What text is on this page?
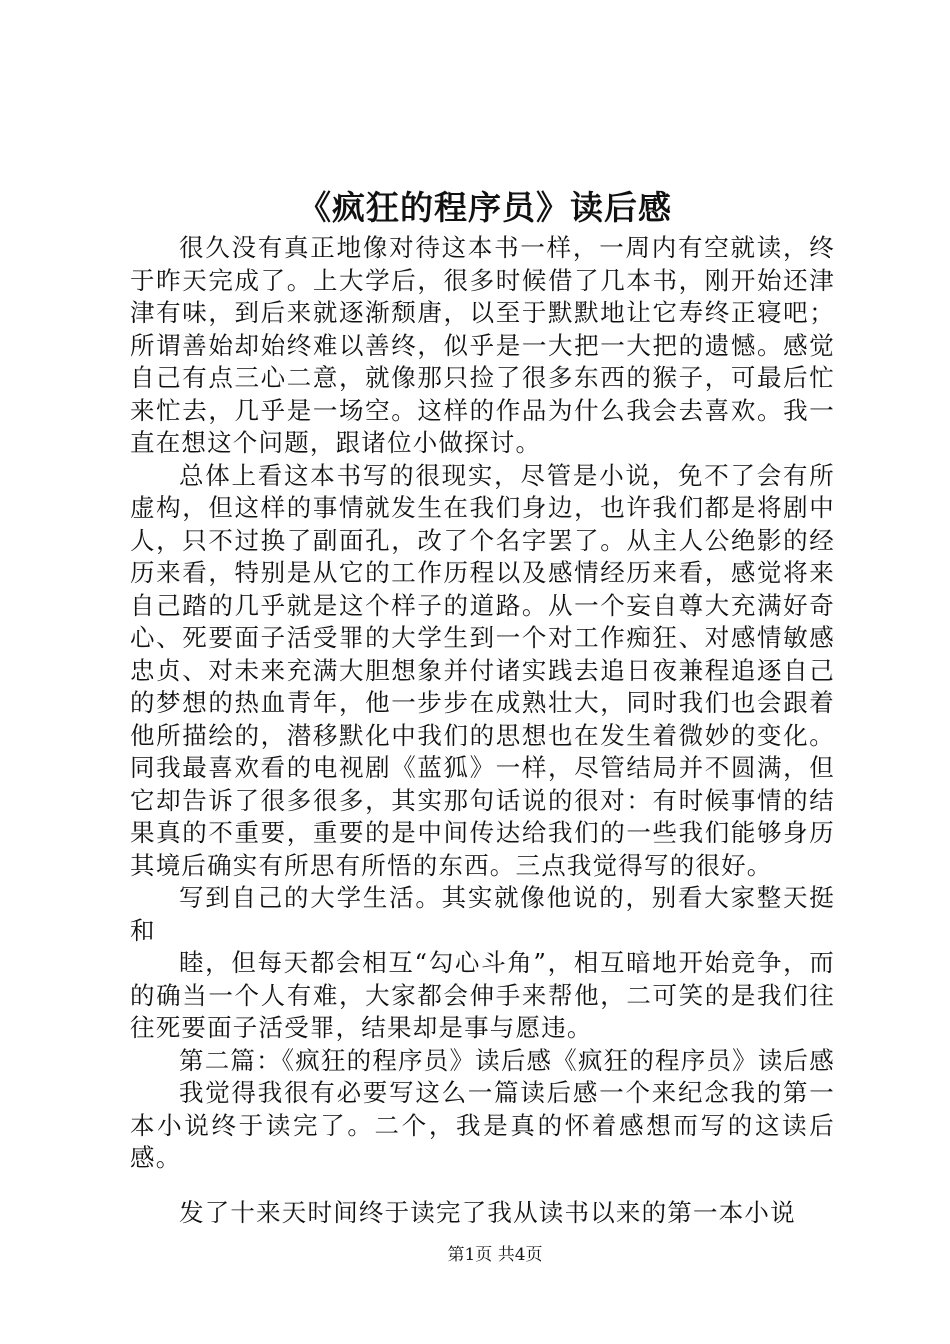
《疯狂的程序员》读后感

很久没有真正地像对待这本书一样，一周内有空就读，终于昨天完成了。上大学后，很多时候借了几本书，刚开始还津津有味，到后来就逐渐颓唐，以至于默默地让它寿终正寝吧；所谓善始却始终难以善终，似乎是一大把一大把的遗憾。感觉自己有点三心二意，就像那只捡了很多东西的猴子，可最后忙来忙去，几乎是一场空。这样的作品为什么我会去喜欢。我一直在想这个问题，跟诸位小做探讨。

总体上看这本书写的很现实，尽管是小说，免不了会有所虚构，但这样的事情就发生在我们身边，也许我们都是将剧中人，只不过换了副面孔，改了个名字罢了。从主人公绝影的经历来看，特别是从它的工作历程以及感情经历来看，感觉将来自己踏的几乎就是这个样子的道路。从一个妄自尊大充满好奇心、死要面子活受罪的大学生到一个对工作痴狂、对感情敏感忠贞、对未来充满大胆想象并付诸实践去追日夜兼程追逐自己的梦想的热血青年，他一步步在成熟壮大，同时我们也会跟着他所描绘的，潜移默化中我们的思想也在发生着微妙的变化。同我最喜欢看的电视剧《蓝狐》一样，尽管结局并不圆满，但它却告诉了很多很多，其实那句话说的很对：有时候事情的结果真的不重要，重要的是中间传达给我们的一些我们能够身历其境后确实有所思有所悟的东西。三点我觉得写的很好。

写到自己的大学生活。其实就像他说的，别看大家整天挺和

睦，但每天都会相互“勾心斗角”，相互暗地开始竞争，而的确当一个人有难，大家都会伸手来帮他，二可笑的是我们往往死要面子活受罪，结果却是事与愿违。

第二篇：《疯狂的程序员》读后感《疯狂的程序员》读后感

我觉得我很有必要写这么一篇读后感一个来纪念我的第一本小说终于读完了。二个，我是真的怀着感想而写的这读后感。

发了十来天时间终于读完了我从读书以来的第一本小说

第1页 共4页
